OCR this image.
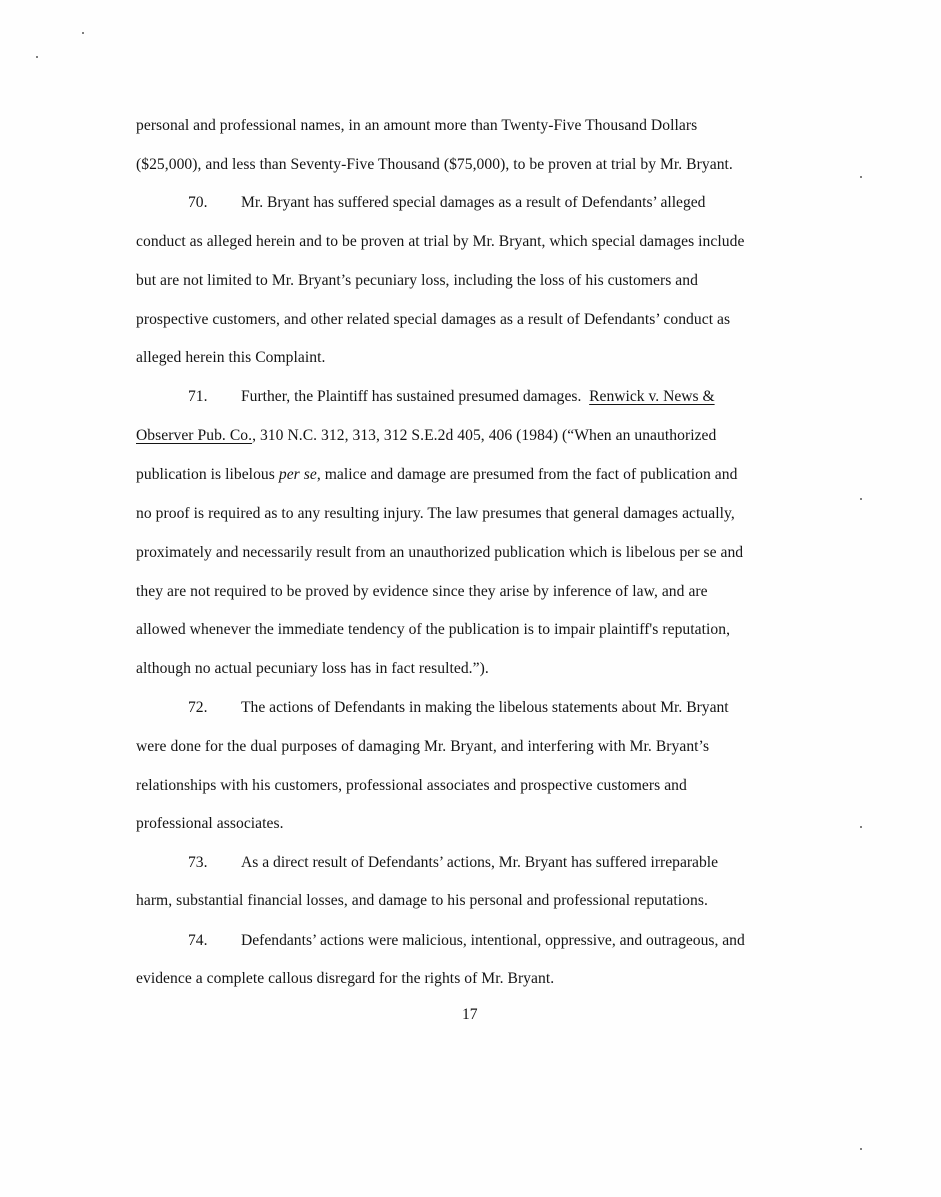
personal and professional names, in an amount more than Twenty-Five Thousand Dollars
($25,000), and less than Seventy-Five Thousand ($75,000), to be proven at trial by Mr. Bryant.
70. Mr. Bryant has suffered special damages as a result of Defendants’ alleged
conduct as alleged herein and to be proven at trial by Mr. Bryant, which special damages include
but are not limited to Mr. Bryant’s pecuniary loss, including the loss of his customers and
prospective customers, and other related special damages as a result of Defendants’ conduct as
alleged herein this Complaint.
71. Further, the Plaintiff has sustained presumed damages. Renwick v. News &
Observer Pub. Co., 310 N.C. 312, 313, 312 S.E.2d 405, 406 (1984) (“When an unauthorized
publication is libelous per se, malice and damage are presumed from the fact of publication and
no proof is required as to any resulting injury. The law presumes that general damages actually,
proximately and necessarily result from an unauthorized publication which is libelous per se and
they are not required to be proved by evidence since they arise by inference of law, and are
allowed whenever the immediate tendency of the publication is to impair plaintiff's reputation,
although no actual pecuniary loss has in fact resulted.”).
72. The actions of Defendants in making the libelous statements about Mr. Bryant
were done for the dual purposes of damaging Mr. Bryant, and interfering with Mr. Bryant’s
relationships with his customers, professional associates and prospective customers and
professional associates.
73. As a direct result of Defendants’ actions, Mr. Bryant has suffered irreparable
harm, substantial financial losses, and damage to his personal and professional reputations.
74. Defendants’ actions were malicious, intentional, oppressive, and outrageous, and
evidence a complete callous disregard for the rights of Mr. Bryant.
17
